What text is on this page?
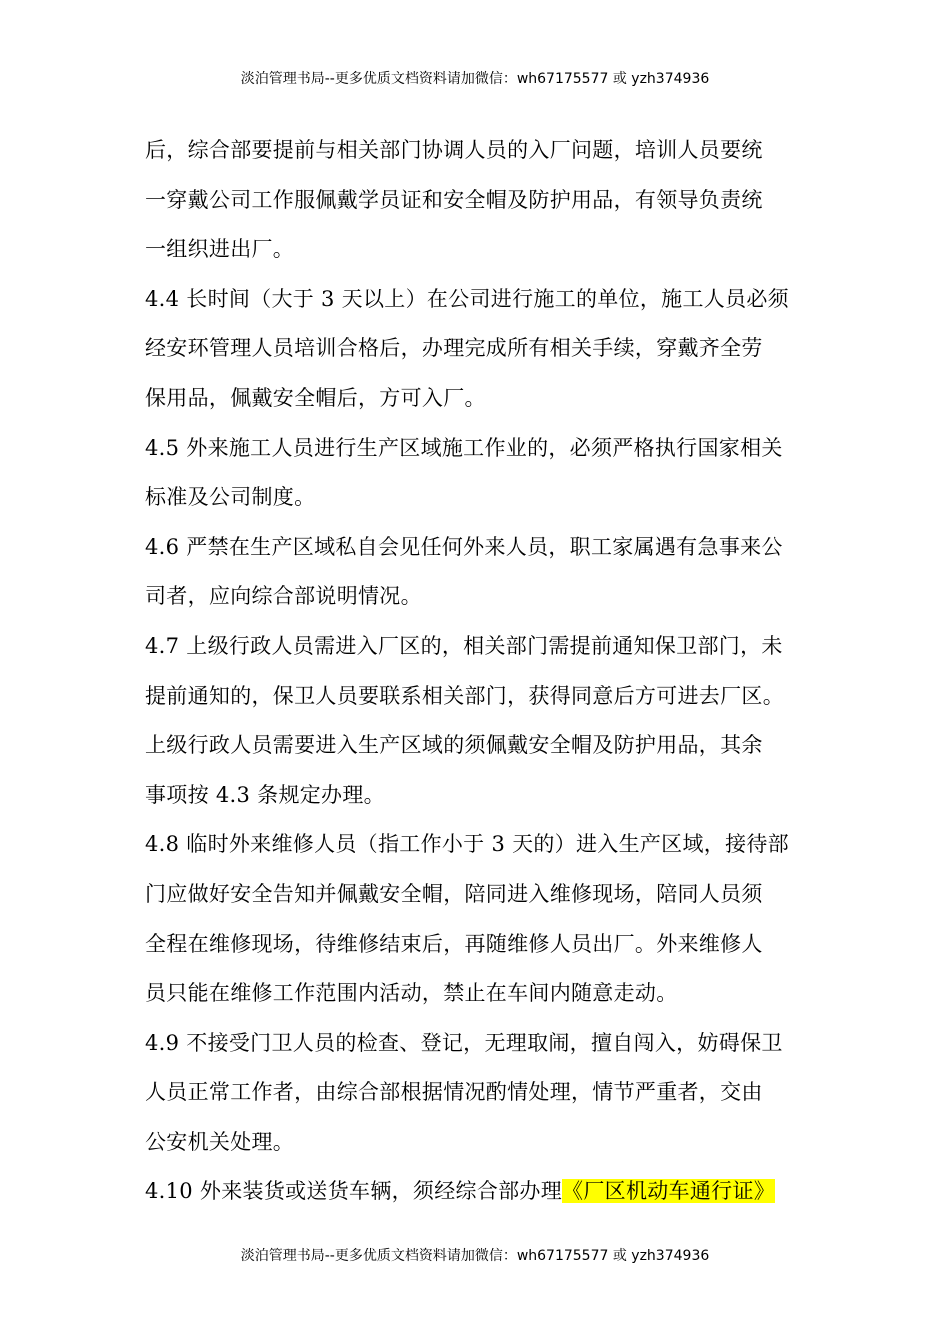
淡泊管理书局--更多优质文档资料请加微信：wh67175577 或 yzh374936
后，综合部要提前与相关部门协调人员的入厂问题，培训人员要统
一穿戴公司工作服佩戴学员证和安全帽及防护用品，有领导负责统
一组织进出厂。
4.4 长时间（大于 3 天以上）在公司进行施工的单位，施工人员必须
经安环管理人员培训合格后，办理完成所有相关手续，穿戴齐全劳
保用品，佩戴安全帽后，方可入厂。
4.5 外来施工人员进行生产区域施工作业的，必须严格执行国家相关
标准及公司制度。
4.6 严禁在生产区域私自会见任何外来人员，职工家属遇有急事来公
司者，应向综合部说明情况。
4.7 上级行政人员需进入厂区的，相关部门需提前通知保卫部门，未
提前通知的，保卫人员要联系相关部门，获得同意后方可进去厂区。
上级行政人员需要进入生产区域的须佩戴安全帽及防护用品，其余
事项按 4.3 条规定办理。
4.8 临时外来维修人员（指工作小于 3 天的）进入生产区域，接待部
门应做好安全告知并佩戴安全帽，陪同进入维修现场，陪同人员须
全程在维修现场，待维修结束后，再随维修人员出厂。外来维修人
员只能在维修工作范围内活动，禁止在车间内随意走动。
4.9 不接受门卫人员的检查、登记，无理取闹，擅自闯入，妨碍保卫
人员正常工作者，由综合部根据情况酌情处理，情节严重者，交由
公安机关处理。
4.10 外来装货或送货车辆，须经综合部办理《厂区机动车通行证》
淡泊管理书局--更多优质文档资料请加微信：wh67175577 或 yzh374936
